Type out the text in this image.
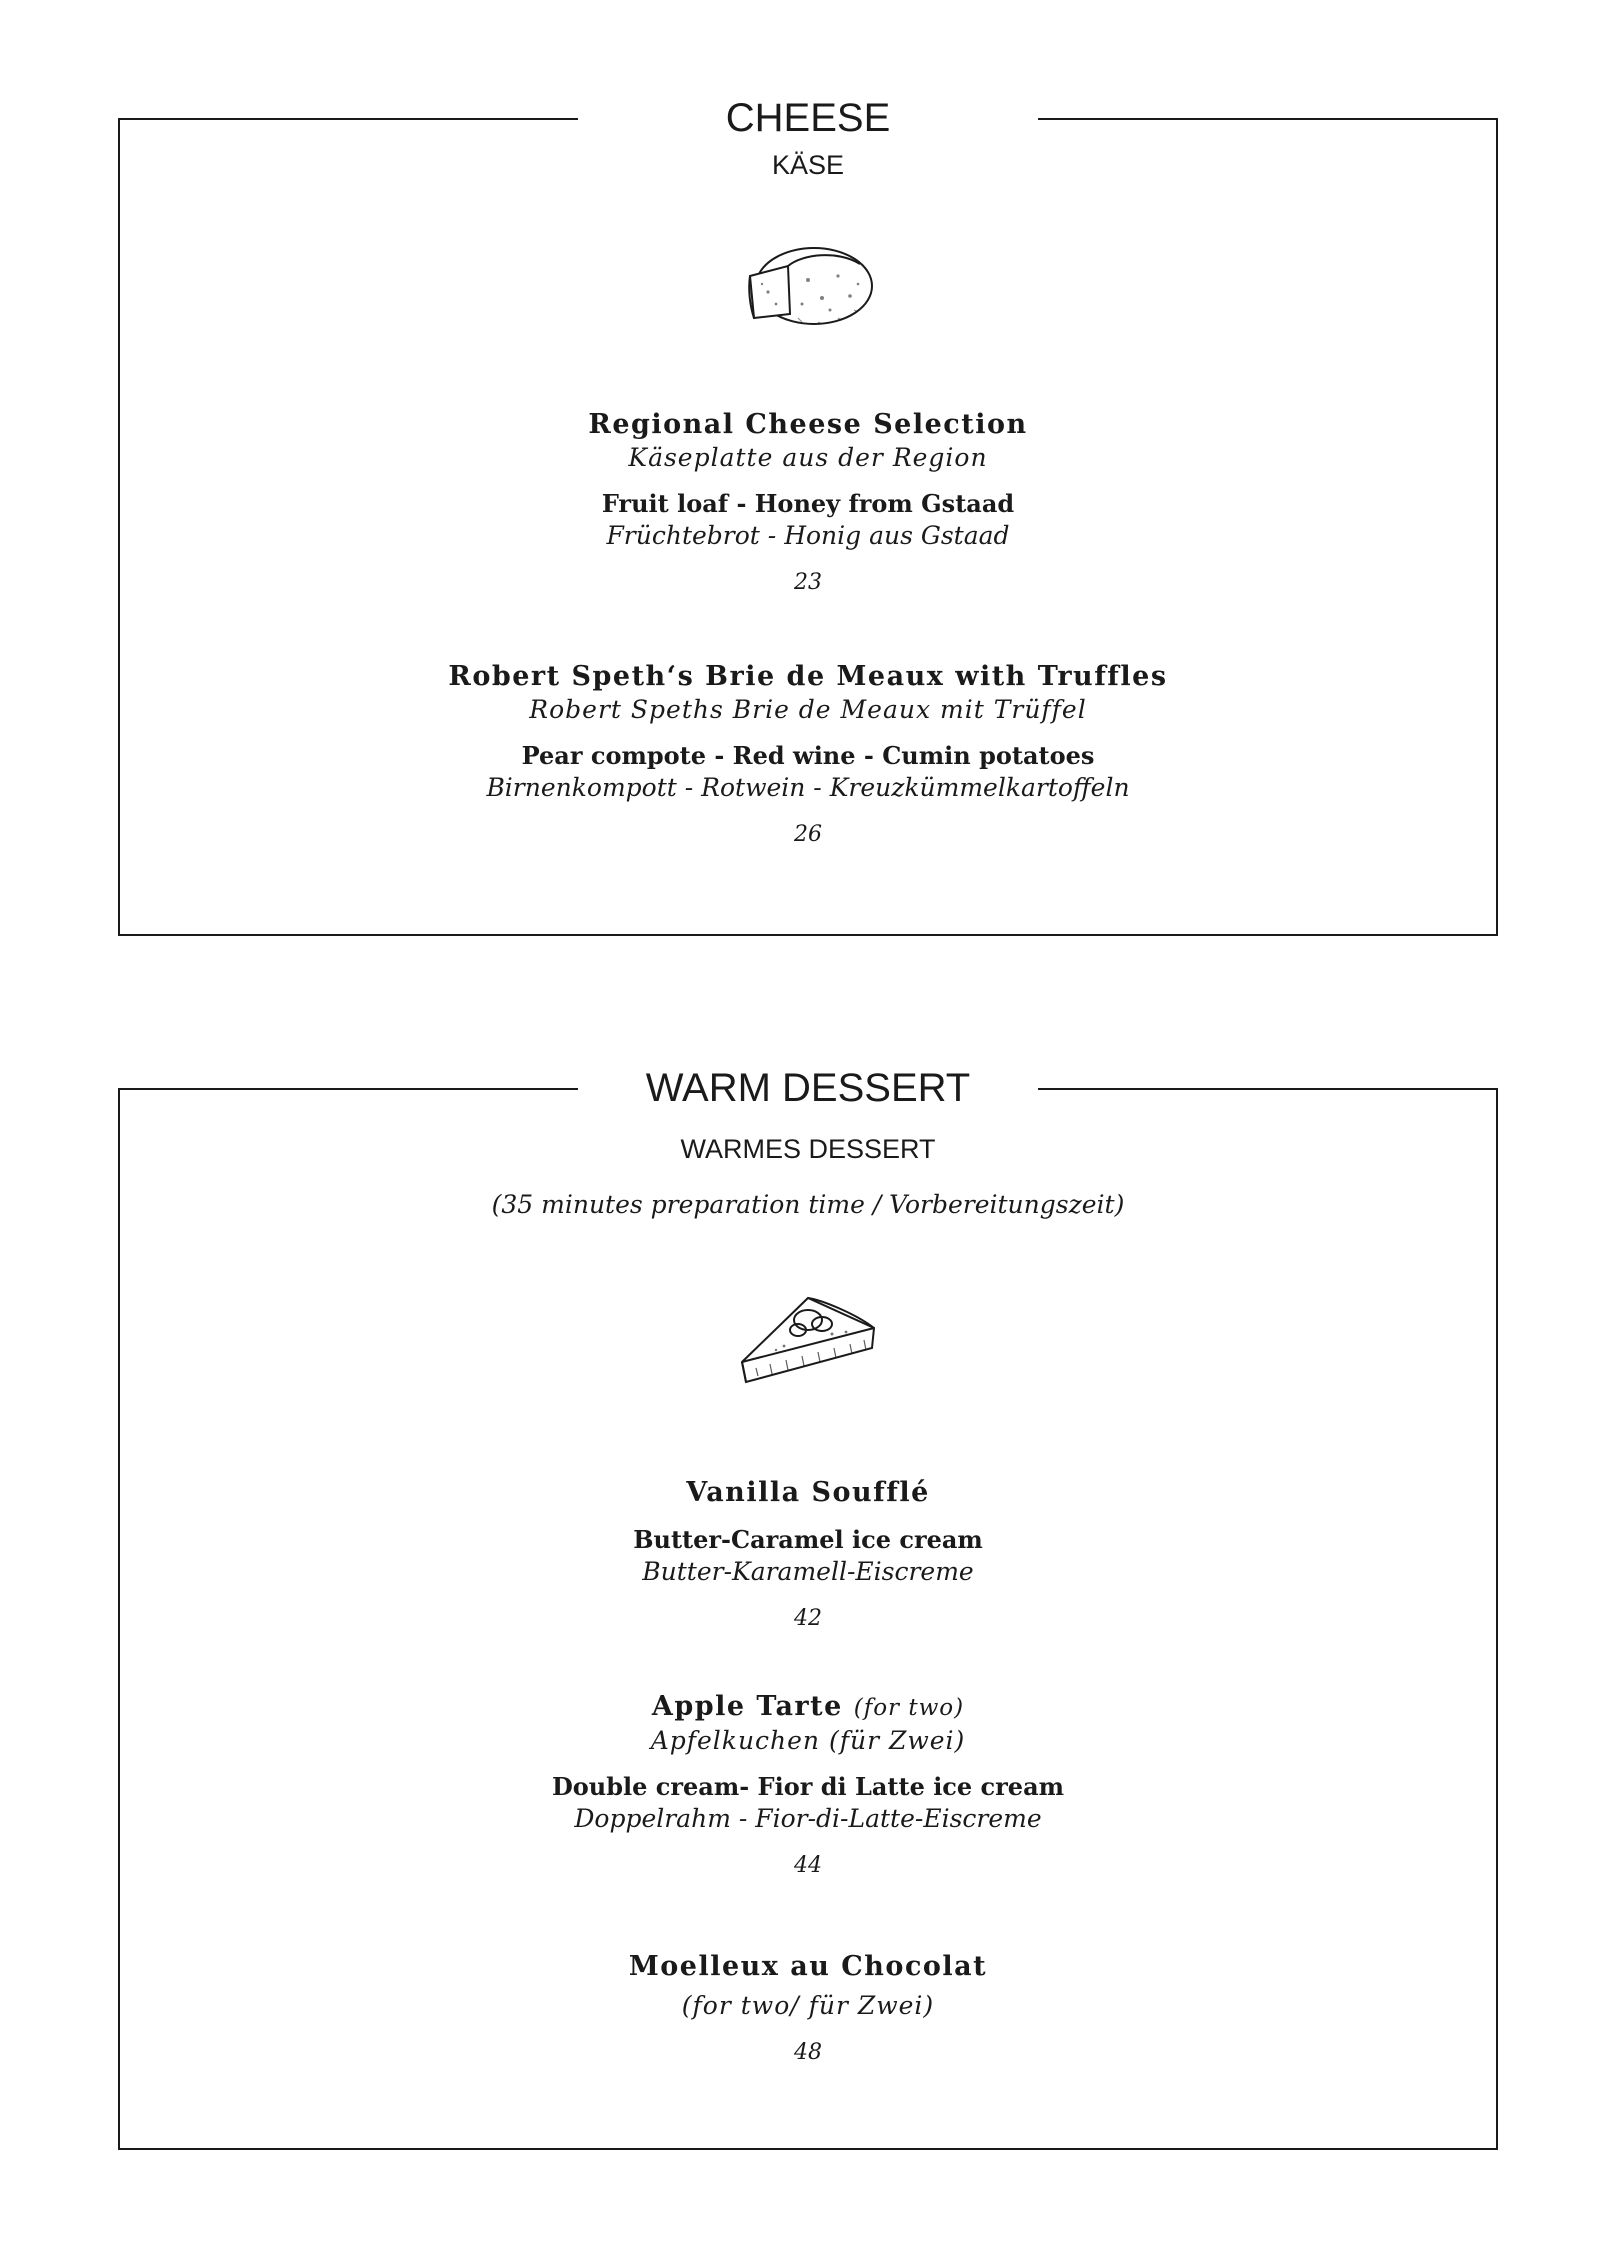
CHEESE
KÄSE
Regional Cheese Selection
Käseplatte aus der Region
Fruit loaf - Honey from Gstaad
Früchtebrot - Honig aus Gstaad
23
Robert Speth‘s Brie de Meaux with Truffles
Robert Speths Brie de Meaux mit Trüffel
Pear compote - Red wine - Cumin potatoes
Birnenkompott - Rotwein - Kreuzkümmelkartoffeln
26
WARM DESSERT
WARMES DESSERT
(35 minutes preparation time / Vorbereitungszeit)
Vanilla Soufflé
Butter-Caramel ice cream
Butter-Karamell-Eiscreme
42
Apple Tarte (for two)
Apfelkuchen (für Zwei)
Double cream- Fior di Latte ice cream
Doppelrahm - Fior-di-Latte-Eiscreme
44
Moelleux au Chocolat
(for two/ für Zwei)
48
